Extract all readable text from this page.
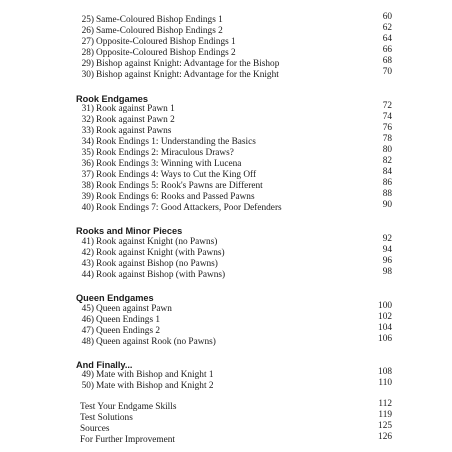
25) Same-Coloured Bishop Endings 1	60
26) Same-Coloured Bishop Endings 2	62
27) Opposite-Coloured Bishop Endings 1	64
28) Opposite-Coloured Bishop Endings 2	66
29) Bishop against Knight: Advantage for the Bishop	68
30) Bishop against Knight: Advantage for the Knight	70
Rook Endgames
31) Rook against Pawn 1	72
32) Rook against Pawn 2	74
33) Rook against Pawns	76
34) Rook Endings 1: Understanding the Basics	78
35) Rook Endings 2: Miraculous Draws?	80
36) Rook Endings 3: Winning with Lucena	82
37) Rook Endings 4: Ways to Cut the King Off	84
38) Rook Endings 5: Rook's Pawns are Different	86
39) Rook Endings 6: Rooks and Passed Pawns	88
40) Rook Endings 7: Good Attackers, Poor Defenders	90
Rooks and Minor Pieces
41) Rook against Knight (no Pawns)	92
42) Rook against Knight (with Pawns)	94
43) Rook against Bishop (no Pawns)	96
44) Rook against Bishop (with Pawns)	98
Queen Endgames
45) Queen against Pawn	100
46) Queen Endings 1	102
47) Queen Endings 2	104
48) Queen against Rook (no Pawns)	106
And Finally...
49) Mate with Bishop and Knight 1	108
50) Mate with Bishop and Knight 2	110
Test Your Endgame Skills	112
Test Solutions	119
Sources	125
For Further Improvement	126
